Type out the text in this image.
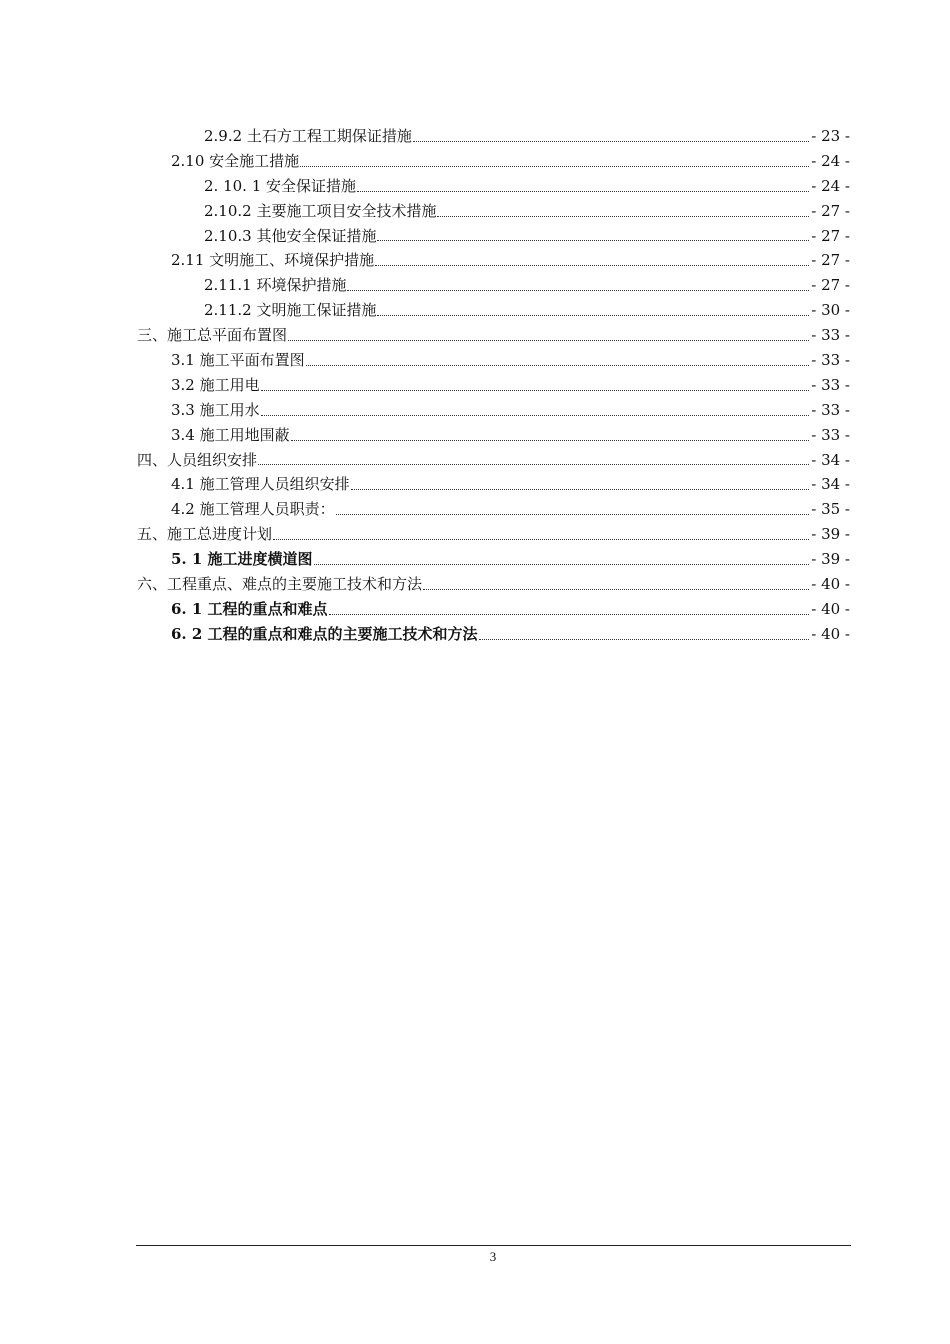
2.9.2 土石方工程工期保证措施	- 23 -
2.10 安全施工措施	- 24 -
2. 10. 1 安全保证措施	- 24 -
2.10.2 主要施工项目安全技术措施	- 27 -
2.10.3 其他安全保证措施	- 27 -
2.11 文明施工、环境保护措施	- 27 -
2.11.1 环境保护措施	- 27 -
2.11.2 文明施工保证措施	- 30 -
三、施工总平面布置图	- 33 -
3.1 施工平面布置图	- 33 -
3.2 施工用电	- 33 -
3.3 施工用水	- 33 -
3.4 施工用地围蔽	- 33 -
四、人员组织安排	- 34 -
4.1 施工管理人员组织安排	- 34 -
4.2 施工管理人员职责：	- 35 -
五、施工总进度计划	- 39 -
5. 1 施工进度横道图	- 39 -
六、工程重点、难点的主要施工技术和方法	- 40 -
6. 1 工程的重点和难点	- 40 -
6. 2 工程的重点和难点的主要施工技术和方法	- 40 -
3
